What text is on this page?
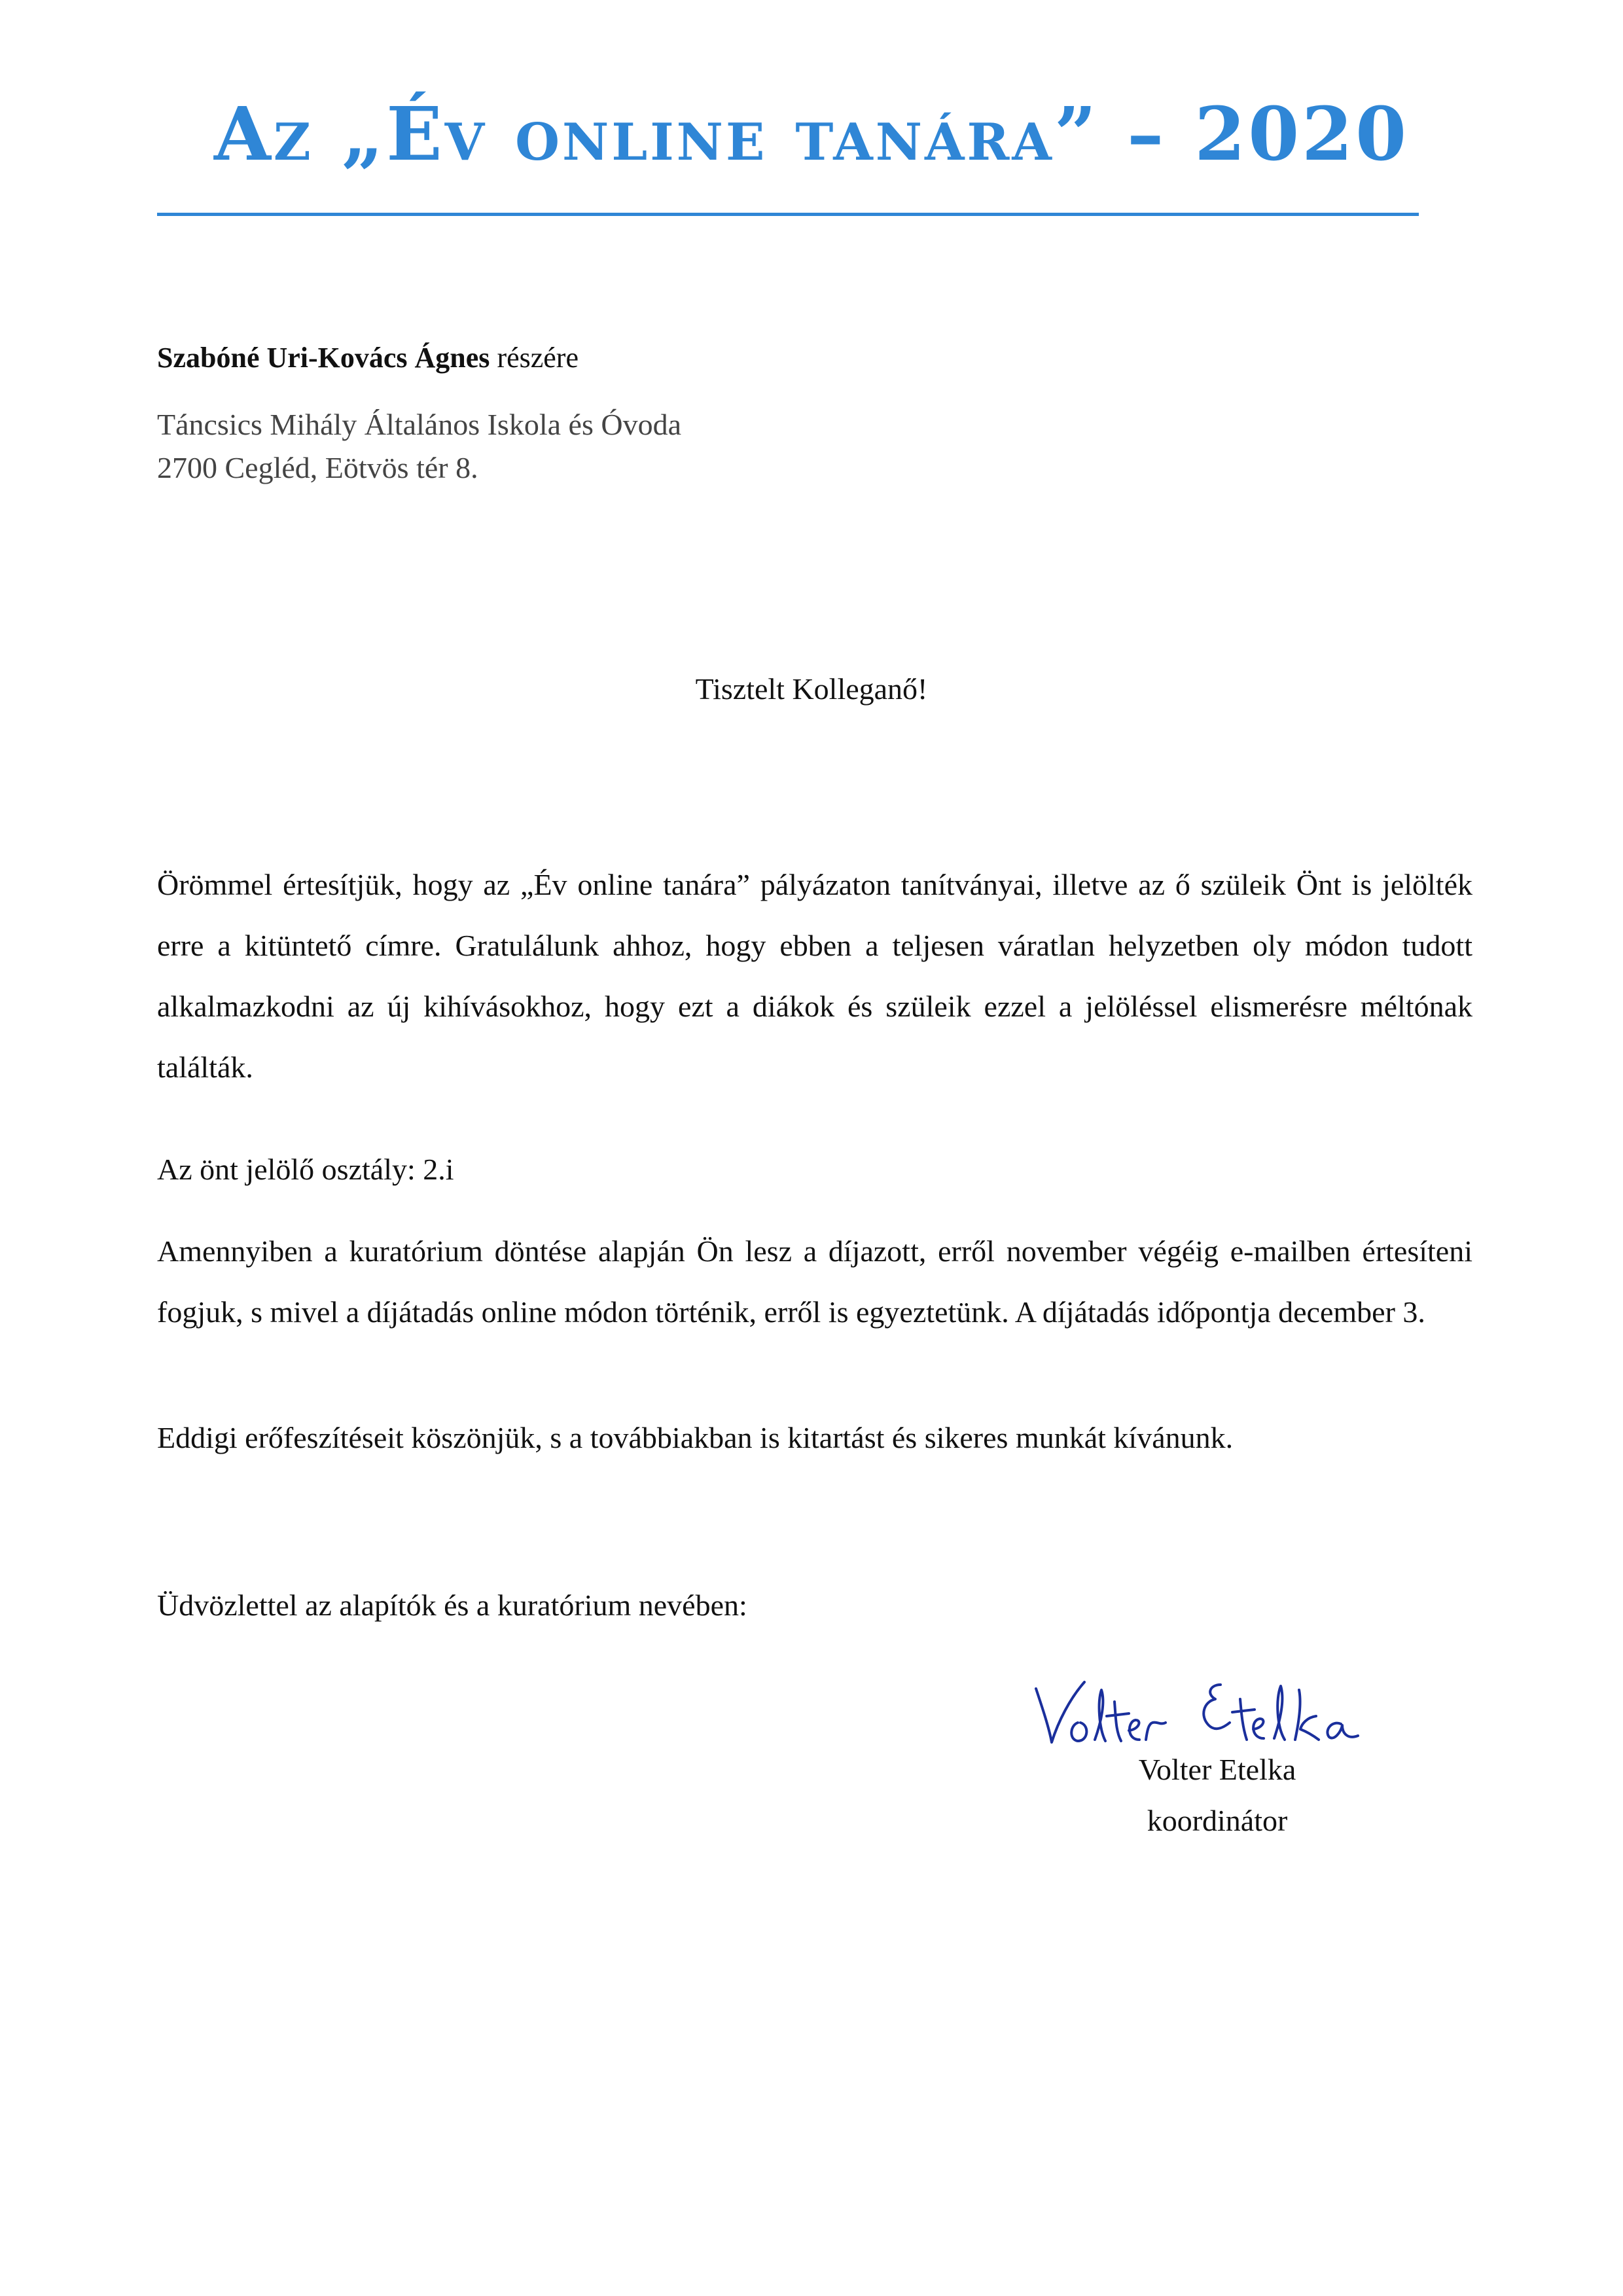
Az „Év online tanára” – 2020
Szabóné Uri-Kovács Ágnes részére
Táncsics Mihály Általános Iskola és Óvoda
2700 Cegléd, Eötvös tér 8.
Tisztelt Kolleganő!
Örömmel értesítjük, hogy az „Év online tanára” pályázaton tanítványai, illetve az ő szüleik Önt is jelölték erre a kitüntető címre. Gratulálunk ahhoz, hogy ebben a teljesen váratlan helyzetben oly módon tudott alkalmazkodni az új kihívásokhoz, hogy ezt a diákok és szüleik ezzel a jelöléssel elismerésre méltónak találták.
Az önt jelölő osztály: 2.i
Amennyiben a kuratórium döntése alapján Ön lesz a díjazott, erről november végéig e-mailben értesíteni fogjuk, s mivel a díjátadás online módon történik, erről is egyeztetünk. A díjátadás időpontja december 3.
Eddigi erőfeszítéseit köszönjük, s a továbbiakban is kitartást és sikeres munkát kívánunk.
Üdvözlettel az alapítók és a kuratórium nevében:
Volter Etelka
koordinátor
